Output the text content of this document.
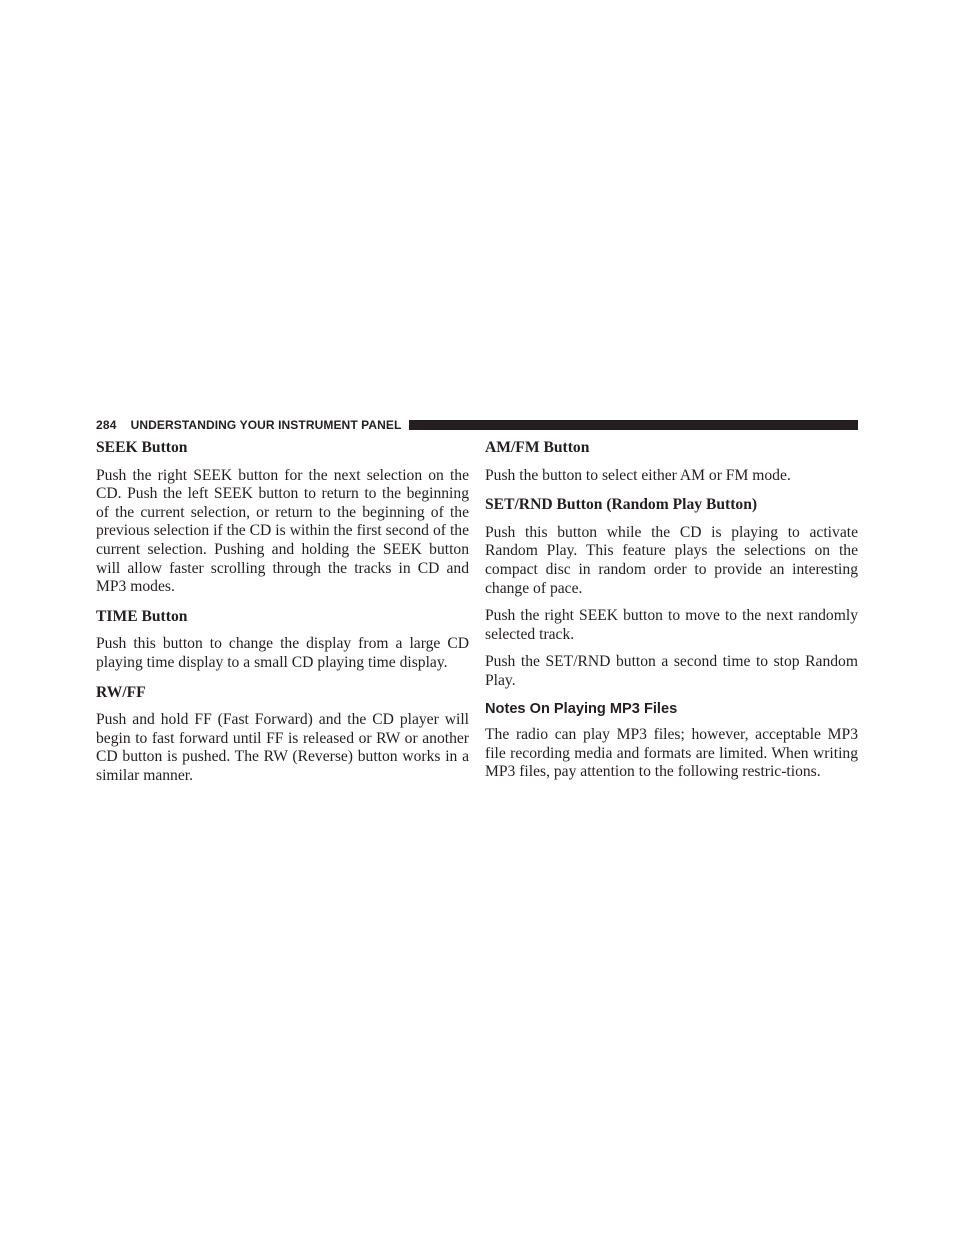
284 UNDERSTANDING YOUR INSTRUMENT PANEL
SEEK Button

Push the right SEEK button for the next selection on the CD. Push the left SEEK button to return to the beginning of the current selection, or return to the beginning of the previous selection if the CD is within the first second of the current selection. Pushing and holding the SEEK button will allow faster scrolling through the tracks in CD and MP3 modes.

TIME Button

Push this button to change the display from a large CD playing time display to a small CD playing time display.

RW/FF

Push and hold FF (Fast Forward) and the CD player will begin to fast forward until FF is released or RW or another CD button is pushed. The RW (Reverse) button works in a similar manner.

AM/FM Button

Push the button to select either AM or FM mode.

SET/RND Button (Random Play Button)

Push this button while the CD is playing to activate Random Play. This feature plays the selections on the compact disc in random order to provide an interesting change of pace.

Push the right SEEK button to move to the next randomly selected track.

Push the SET/RND button a second time to stop Random Play.

Notes On Playing MP3 Files

The radio can play MP3 files; however, acceptable MP3 file recording media and formats are limited. When writing MP3 files, pay attention to the following restric-tions.
